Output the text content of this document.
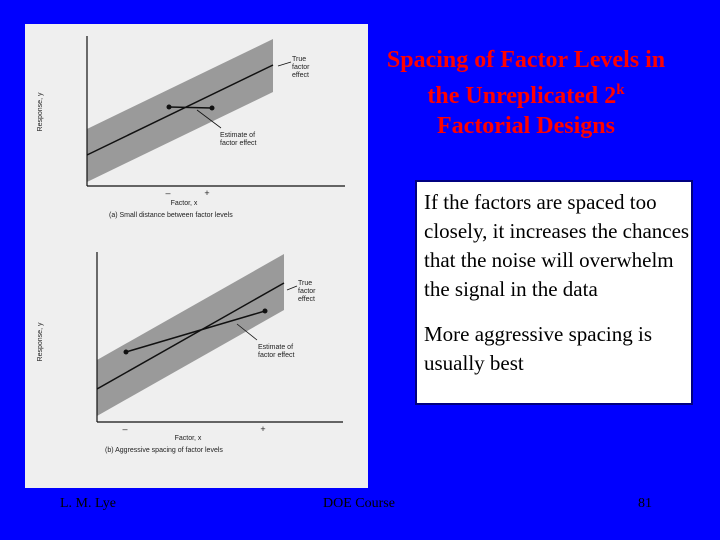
Response, y
–	+
Factor, x
(a) Small distance between factor levels
True
factor
effect
Estimate of
factor effect
Response, y
–	+
Factor, x
(b) Aggressive spacing of factor levels
True
factor
effect
Estimate of
factor effect
Spacing of Factor Levels in the Unreplicated 2$^k$
Factorial Designs

If the factors are spaced too closely, it increases the chances that the noise will overwhelm the signal in the data

More aggressive spacing is usually best

L. M. Lye	DOE Course	81
